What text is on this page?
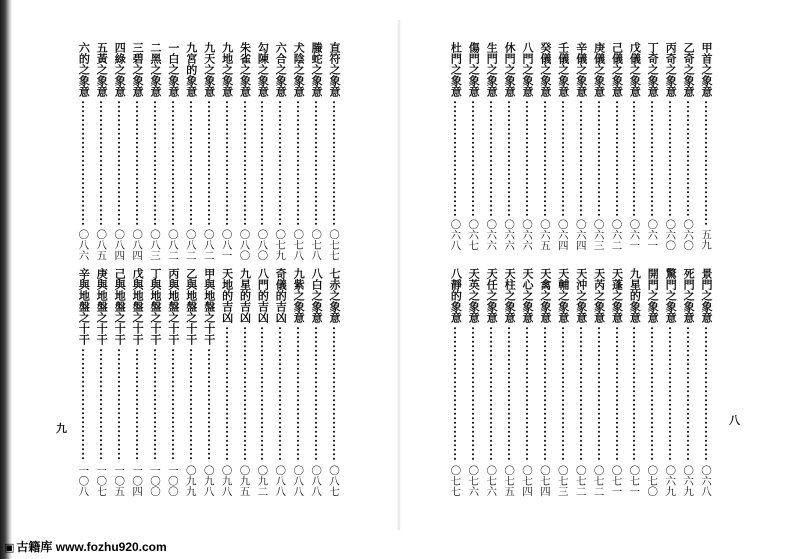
甲首之象意
五九
乙奇之象意
〇六〇
丙奇之象意
〇六〇
丁奇之象意
〇六一
戊儀之象意
〇六一
己儀之象意
〇六二
庚儀之象意
〇六三
辛儀之象意
〇六四
壬儀之象意
〇六四
癸儀之象意
〇六五
八門之象意
〇六六
休門之象意
〇六六
生門之象意
〇六六
傷門之象意
〇六七
杜門之象意
〇六八
景門之象意
〇六八
死門之象意
〇六九
驚門之象意
〇六九
開門之象意
〇七〇
九星的象意
〇七一
天蓬之象意
〇七一
天芮之象意
〇七二
天沖之象意
〇七二
天輔之象意
〇七三
天禽之象意
〇七四
天心之象意
〇七四
天柱之象意
〇七五
天任之象意
〇七六
天英之象意
〇七六
八靜的象意
〇七七
直符之象意
〇七七
螣蛇之象意
〇七八
犬陰之象意
〇七八
六合之象意
〇七九
勾陳之象意
〇八〇
朱雀之象意
〇八〇
九地之象意
〇八一
九天之象意
〇八二
九宮的象意
〇八二
一白之象意
〇八二
二黑之象意
〇八三
三碧之象意
〇八四
四綠之象意
〇八四
五黃之象意
〇八五
六的之象意
〇八六
七赤之象意
〇八七
八白之象意
〇八八
九紫之象意
〇八八
奇儀的吉凶
〇八八
八門的吉凶
〇九二
九星的吉凶
〇九五
天地的吉凶
〇九八
甲與地盤之十干
〇九八
乙與地盤之十干
〇九九
丙與地盤之十干
一〇〇
丁與地盤之十干
一〇〇
戊與地盤之十干
一〇四
己與地盤之十干
一〇五
庚與地盤之十干
一〇七
辛與地盤之十干
一〇八
八
九
▣ 古籍库 www.fozhu920.com
